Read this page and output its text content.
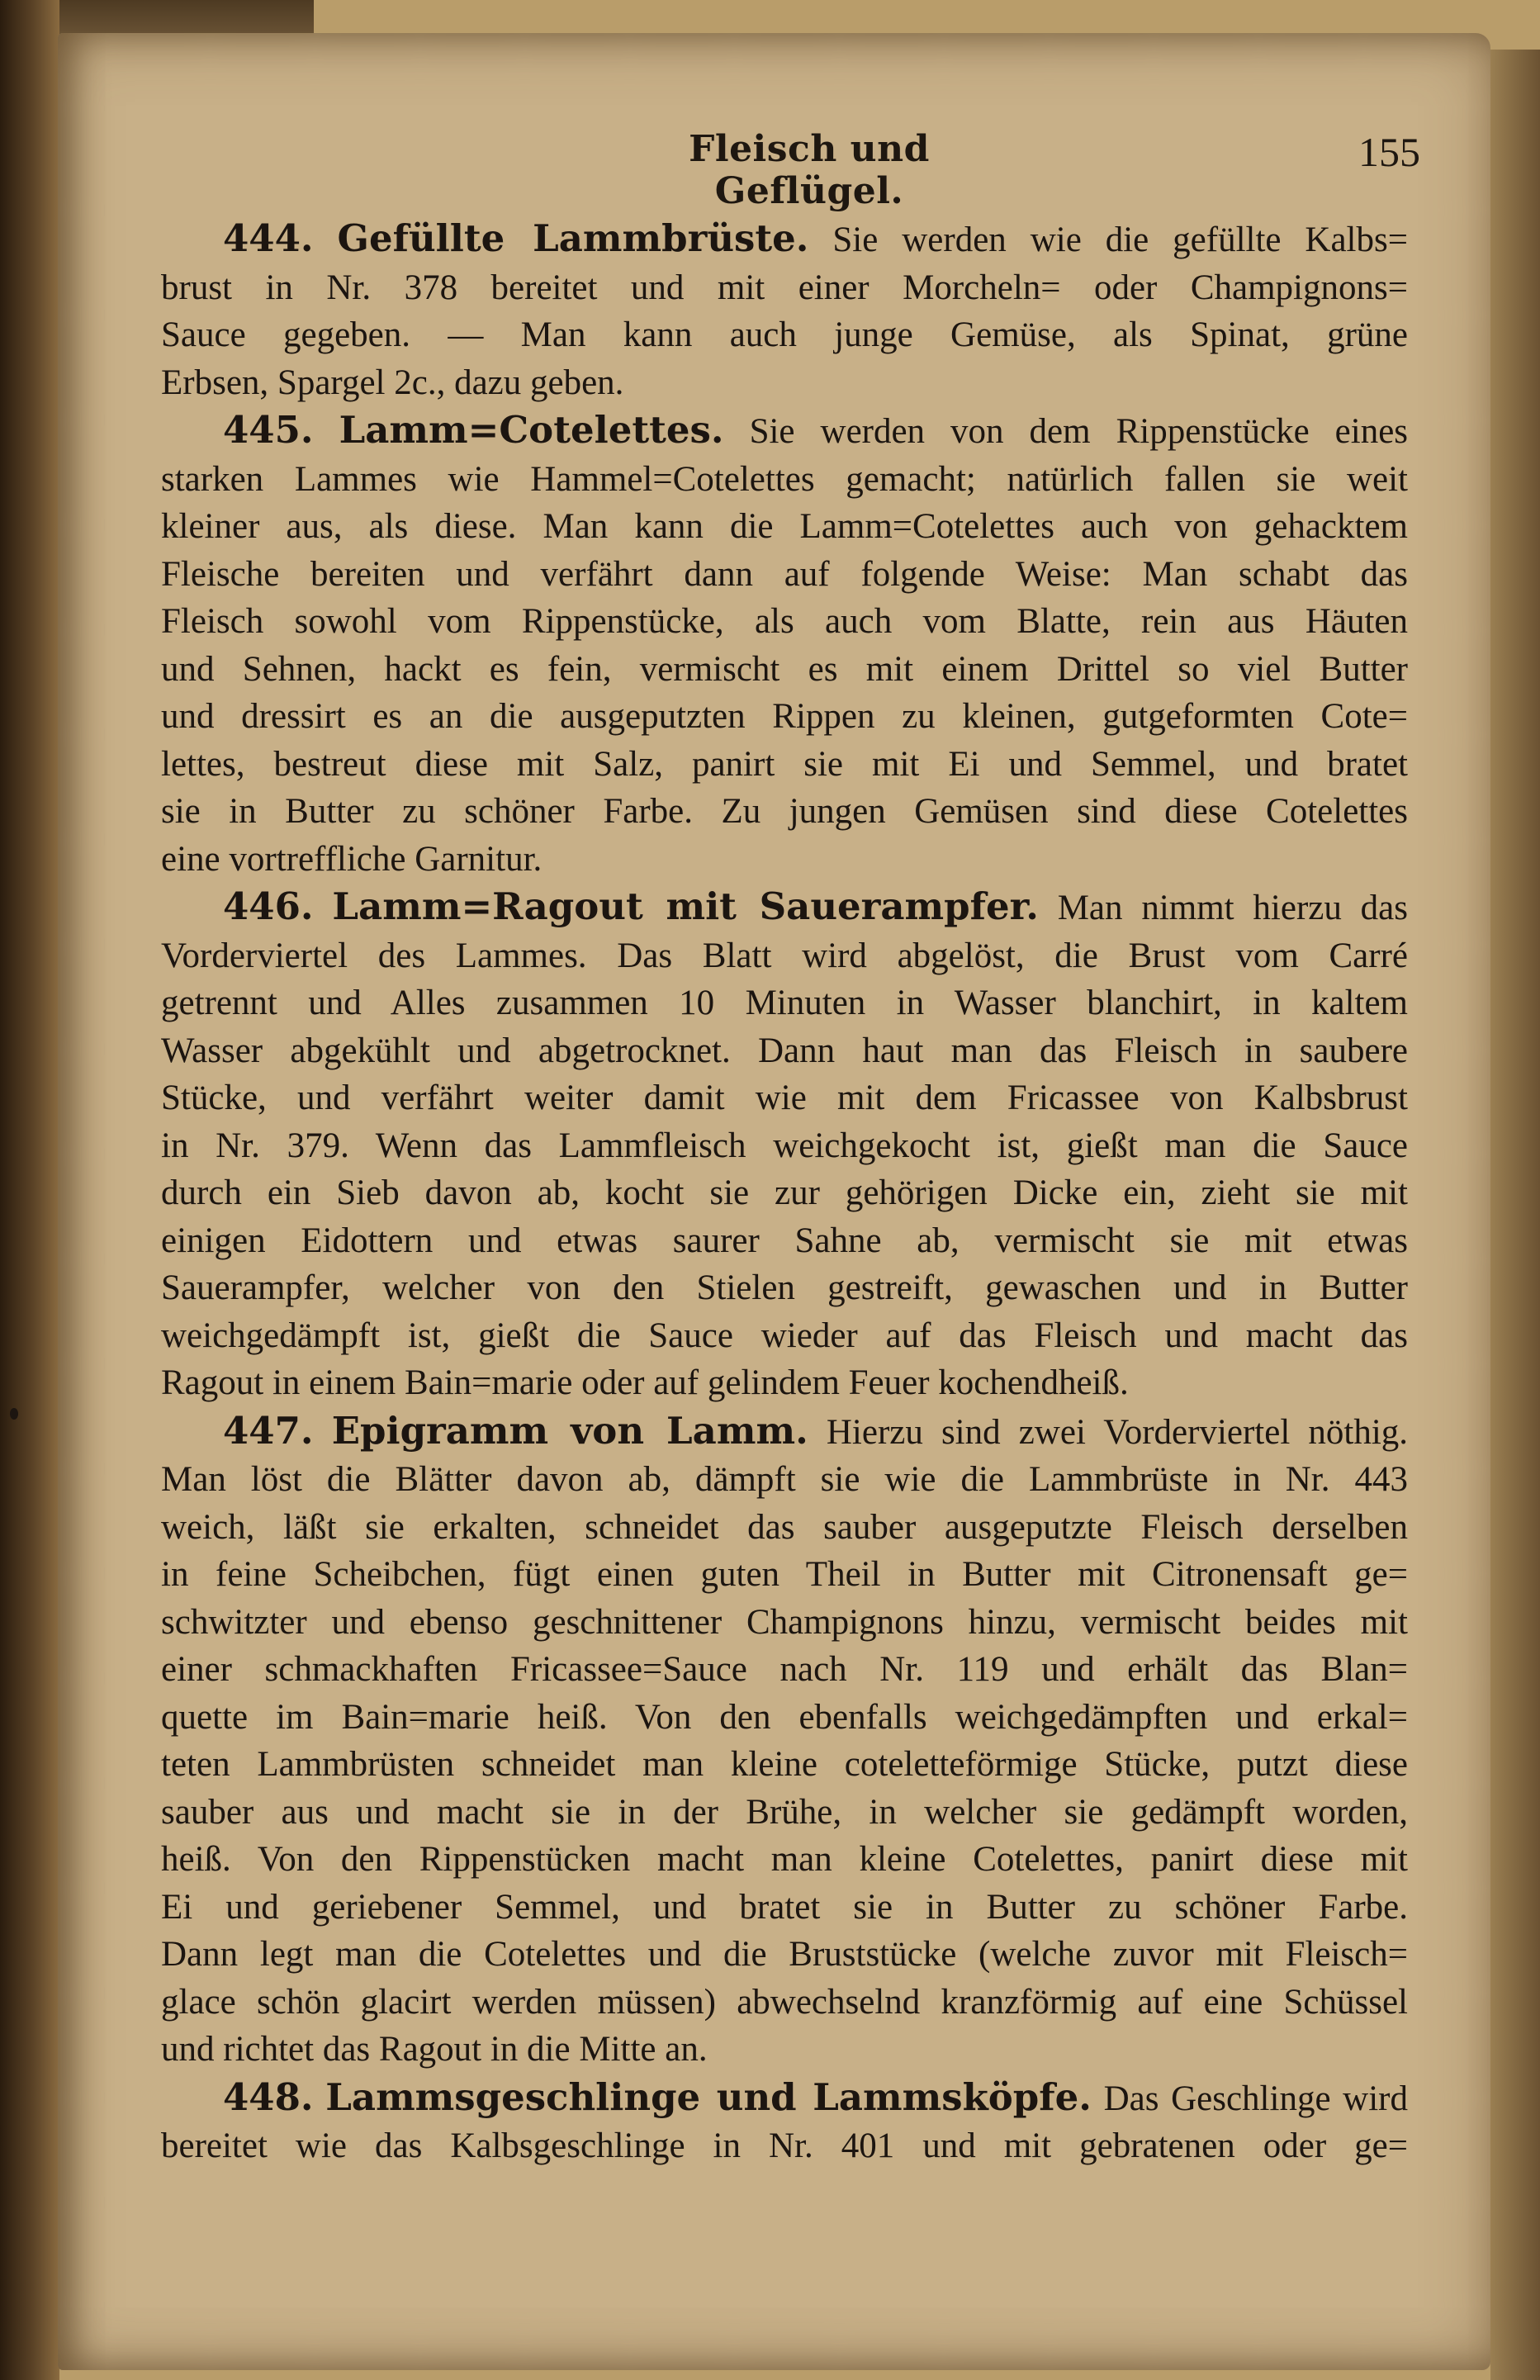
Fleisch und Geflügel.
155
444. Gefüllte Lammbrüste. Sie werden wie die gefüllte Kalbs=
brust in Nr. 378 bereitet und mit einer Morcheln= oder Champignons=
Sauce gegeben. — Man kann auch junge Gemüse, als Spinat, grüne
Erbsen, Spargel 2c., dazu geben.
445. Lamm=Cotelettes. Sie werden von dem Rippenstücke eines
starken Lammes wie Hammel=Cotelettes gemacht; natürlich fallen sie weit
kleiner aus, als diese. Man kann die Lamm=Cotelettes auch von gehacktem
Fleische bereiten und verfährt dann auf folgende Weise: Man schabt das
Fleisch sowohl vom Rippenstücke, als auch vom Blatte, rein aus Häuten
und Sehnen, hackt es fein, vermischt es mit einem Drittel so viel Butter
und dressirt es an die ausgeputzten Rippen zu kleinen, gutgeformten Cote=
lettes, bestreut diese mit Salz, panirt sie mit Ei und Semmel, und bratet
sie in Butter zu schöner Farbe. Zu jungen Gemüsen sind diese Cotelettes
eine vortreffliche Garnitur.
446. Lamm=Ragout mit Sauerampfer. Man nimmt hierzu das
Vorderviertel des Lammes. Das Blatt wird abgelöst, die Brust vom Carré
getrennt und Alles zusammen 10 Minuten in Wasser blanchirt, in kaltem
Wasser abgekühlt und abgetrocknet. Dann haut man das Fleisch in saubere
Stücke, und verfährt weiter damit wie mit dem Fricassee von Kalbsbrust
in Nr. 379. Wenn das Lammfleisch weichgekocht ist, gießt man die Sauce
durch ein Sieb davon ab, kocht sie zur gehörigen Dicke ein, zieht sie mit
einigen Eidottern und etwas saurer Sahne ab, vermischt sie mit etwas
Sauerampfer, welcher von den Stielen gestreift, gewaschen und in Butter
weichgedämpft ist, gießt die Sauce wieder auf das Fleisch und macht das
Ragout in einem Bain=marie oder auf gelindem Feuer kochendheiß.
447. Epigramm von Lamm. Hierzu sind zwei Vorderviertel nöthig.
Man löst die Blätter davon ab, dämpft sie wie die Lammbrüste in Nr. 443
weich, läßt sie erkalten, schneidet das sauber ausgeputzte Fleisch derselben
in feine Scheibchen, fügt einen guten Theil in Butter mit Citronensaft ge=
schwitzter und ebenso geschnittener Champignons hinzu, vermischt beides mit
einer schmackhaften Fricassee=Sauce nach Nr. 119 und erhält das Blan=
quette im Bain=marie heiß. Von den ebenfalls weichgedämpften und erkal=
teten Lammbrüsten schneidet man kleine coteletteförmige Stücke, putzt diese
sauber aus und macht sie in der Brühe, in welcher sie gedämpft worden,
heiß. Von den Rippenstücken macht man kleine Cotelettes, panirt diese mit
Ei und geriebener Semmel, und bratet sie in Butter zu schöner Farbe.
Dann legt man die Cotelettes und die Bruststücke (welche zuvor mit Fleisch=
glace schön glacirt werden müssen) abwechselnd kranzförmig auf eine Schüssel
und richtet das Ragout in die Mitte an.
448. Lammsgeschlinge und Lammsköpfe. Das Geschlinge wird
bereitet wie das Kalbsgeschlinge in Nr. 401 und mit gebratenen oder ge=
